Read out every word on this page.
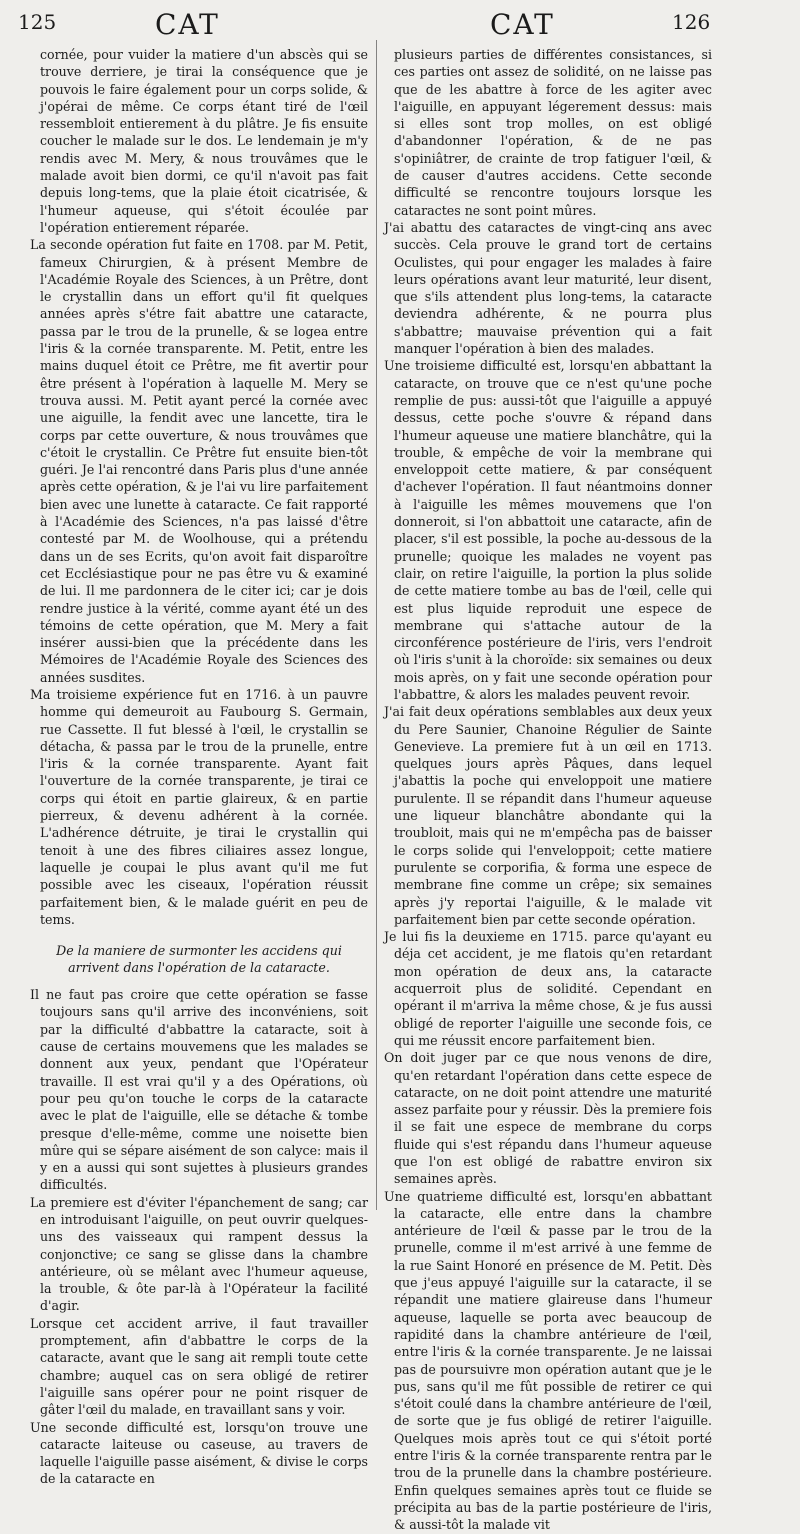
125	CAT	CAT	126

cornée, pour vuider la matiere d'un abscès qui se trouve derriere, je tirai la conséquence que je pouvois le faire également pour un corps solide, & j'opérai de même. Ce corps étant tiré de l'œil ressembloit entierement à du plâtre. Je fis ensuite coucher le malade sur le dos. Le lendemain je m'y rendis avec M. Mery, & nous trouvâmes que le malade avoit bien dormi, ce qu'il n'avoit pas fait depuis long-tems, que la plaie étoit cicatrisée, & l'humeur aqueuse, qui s'étoit écoulée par l'opération entierement réparée.

La seconde opération fut faite en 1708. par M. Petit, fameux Chirurgien, & à présent Membre de l'Académie Royale des Sciences, à un Prêtre, dont le crystallin dans un effort qu'il fit quelques années après s'étre fait abattre une cataracte, passa par le trou de la prunelle, & se logea entre l'iris & la cornée transparente. M. Petit, entre les mains duquel étoit ce Prêtre, me fit avertir pour être présent à l'opération à laquelle M. Mery se trouva aussi. M. Petit ayant percé la cornée avec une aiguille, la fendit avec une lancette, tira le corps par cette ouverture, & nous trouvâmes que c'étoit le crystallin. Ce Prêtre fut ensuite bien-tôt guéri. Je l'ai rencontré dans Paris plus d'une année après cette opération, & je l'ai vu lire parfaitement bien avec une lunette à cataracte. Ce fait rapporté à l'Académie des Sciences, n'a pas laissé d'être contesté par M. de Woolhouse, qui a prétendu dans un de ses Ecrits, qu'on avoit fait disparoître cet Ecclésiastique pour ne pas être vu & examiné de lui. Il me pardonnera de le citer ici; car je dois rendre justice à la vérité, comme ayant été un des témoins de cette opération, que M. Mery a fait insérer aussi-bien que la précédente dans les Mémoires de l'Académie Royale des Sciences des années susdites.

Ma troisieme expérience fut en 1716. à un pauvre homme qui demeuroit au Faubourg S. Germain, rue Cassette. Il fut blessé à l'œil, le crystallin se détacha, & passa par le trou de la prunelle, entre l'iris & la cornée transparente. Ayant fait l'ouverture de la cornée transparente, je tirai ce corps qui étoit en partie glaireux, & en partie pierreux, & devenu adhérent à la cornée. L'adhérence détruite, je tirai le crystallin qui tenoit à une des fibres ciliaires assez longue, laquelle je coupai le plus avant qu'il me fut possible avec les ciseaux, l'opération réussit parfaitement bien, & le malade guérit en peu de tems.

De la maniere de surmonter les accidens qui arrivent dans l'opération de la cataracte.

Il ne faut pas croire que cette opération se fasse toujours sans qu'il arrive des inconvéniens, soit par la difficulté d'abbattre la cataracte, soit à cause de certains mouvemens que les malades se donnent aux yeux, pendant que l'Opérateur travaille. Il est vrai qu'il y a des Opérations, où pour peu qu'on touche le corps de la cataracte avec le plat de l'aiguille, elle se détache & tombe presque d'elle-même, comme une noisette bien mûre qui se sépare aisément de son calyce: mais il y en a aussi qui sont sujettes à plusieurs grandes difficultés.

La premiere est d'éviter l'épanchement de sang; car en introduisant l'aiguille, on peut ouvrir quelques-uns des vaisseaux qui rampent dessus la conjonctive; ce sang se glisse dans la chambre antérieure, où se mêlant avec l'humeur aqueuse, la trouble, & ôte par-là à l'Opérateur la facilité d'agir.

Lorsque cet accident arrive, il faut travailler promptement, afin d'abbattre le corps de la cataracte, avant que le sang ait rempli toute cette chambre; auquel cas on sera obligé de retirer l'aiguille sans opérer pour ne point risquer de gâter l'œil du malade, en travaillant sans y voir.

Une seconde difficulté est, lorsqu'on trouve une cataracte laiteuse ou caseuse, au travers de laquelle l'aiguille passe aisément, & divise le corps de la cataracte en

plusieurs parties de différentes consistances, si ces parties ont assez de solidité, on ne laisse pas que de les abattre à force de les agiter avec l'aiguille, en appuyant légerement dessus: mais si elles sont trop molles, on est obligé d'abandonner l'opération, & de ne pas s'opiniâtrer, de crainte de trop fatiguer l'œil, & de causer d'autres accidens. Cette seconde difficulté se rencontre toujours lorsque les cataractes ne sont point mûres.

J'ai abattu des cataractes de vingt-cinq ans avec succès. Cela prouve le grand tort de certains Oculistes, qui pour engager les malades à faire leurs opérations avant leur maturité, leur disent, que s'ils attendent plus long-tems, la cataracte deviendra adhérente, & ne pourra plus s'abbattre; mauvaise prévention qui a fait manquer l'opération à bien des malades.

Une troisieme difficulté est, lorsqu'en abbattant la cataracte, on trouve que ce n'est qu'une poche remplie de pus: aussi-tôt que l'aiguille a appuyé dessus, cette poche s'ouvre & répand dans l'humeur aqueuse une matiere blanchâtre, qui la trouble, & empêche de voir la membrane qui enveloppoit cette matiere, & par conséquent d'achever l'opération. Il faut néantmoins donner à l'aiguille les mêmes mouvemens que l'on donneroit, si l'on abbattoit une cataracte, afin de placer, s'il est possible, la poche au-dessous de la prunelle; quoique les malades ne voyent pas clair, on retire l'aiguille, la portion la plus solide de cette matiere tombe au bas de l'œil, celle qui est plus liquide reproduit une espece de membrane qui s'attache autour de la circonférence postérieure de l'iris, vers l'endroit où l'iris s'unit à la choroïde: six semaines ou deux mois après, on y fait une seconde opération pour l'abbattre, & alors les malades peuvent revoir.

J'ai fait deux opérations semblables aux deux yeux du Pere Saunier, Chanoine Régulier de Sainte Genevieve. La premiere fut à un œil en 1713. quelques jours après Pâques, dans lequel j'abattis la poche qui enveloppoit une matiere purulente. Il se répandit dans l'humeur aqueuse une liqueur blanchâtre abondante qui la troubloit, mais qui ne m'empêcha pas de baisser le corps solide qui l'enveloppoit; cette matiere purulente se corporifia, & forma une espece de membrane fine comme un crêpe; six semaines après j'y reportai l'aiguille, & le malade vit parfaitement bien par cette seconde opération.

Je lui fis la deuxieme en 1715. parce qu'ayant eu déja cet accident, je me flatois qu'en retardant mon opération de deux ans, la cataracte acquerroit plus de solidité. Cependant en opérant il m'arriva la même chose, & je fus aussi obligé de reporter l'aiguille une seconde fois, ce qui me réussit encore parfaitement bien.

On doit juger par ce que nous venons de dire, qu'en retardant l'opération dans cette espece de cataracte, on ne doit point attendre une maturité assez parfaite pour y réussir. Dès la premiere fois il se fait une espece de membrane du corps fluide qui s'est répandu dans l'humeur aqueuse que l'on est obligé de rabattre environ six semaines après.

Une quatrieme difficulté est, lorsqu'en abbattant la cataracte, elle entre dans la chambre antérieure de l'œil & passe par le trou de la prunelle, comme il m'est arrivé à une femme de la rue Saint Honoré en présence de M. Petit. Dès que j'eus appuyé l'aiguille sur la cataracte, il se répandit une matiere glaireuse dans l'humeur aqueuse, laquelle se porta avec beaucoup de rapidité dans la chambre antérieure de l'œil, entre l'iris & la cornée transparente. Je ne laissai pas de poursuivre mon opération autant que je le pus, sans qu'il me fût possible de retirer ce qui s'étoit coulé dans la chambre antérieure de l'œil, de sorte que je fus obligé de retirer l'aiguille. Quelques mois après tout ce qui s'étoit porté entre l'iris & la cornée transparente rentra par le trou de la prunelle dans la chambre postérieure. Enfin quelques semaines après tout ce fluide se précipita au bas de la partie postérieure de l'iris, & aussi-tôt la malade vit
